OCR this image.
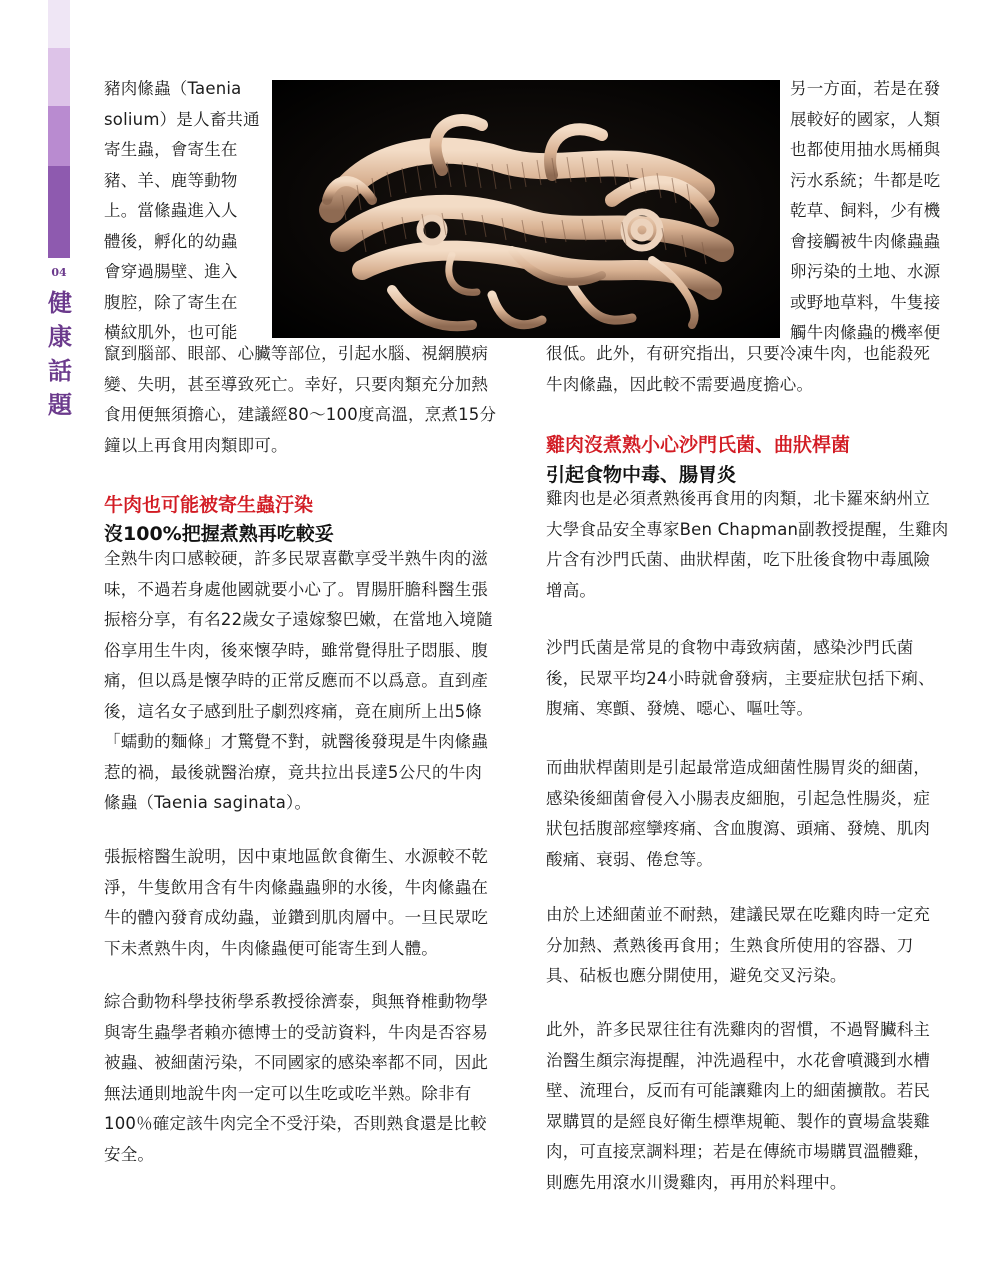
04
健
康
話
題

豬肉絛蟲（Taenia

solium）是人畜共通

寄生蟲，會寄生在

豬、羊、鹿等動物

上。當絛蟲進入人

體後，孵化的幼蟲

會穿過腸壁、進入

腹腔，除了寄生在

橫紋肌外，也可能

竄到腦部、眼部、心臟等部位，引起水腦、視網膜病

變、失明，甚至導致死亡。幸好，只要肉類充分加熱

食用便無須擔心，建議經80～100度高溫，烹煮15分

鐘以上再食用肉類即可。

牛肉也可能被寄生蟲汙染
沒100%把握煮熟再吃較妥

全熟牛肉口感較硬，許多民眾喜歡享受半熟牛肉的滋

味，不過若身處他國就要小心了。胃腸肝膽科醫生張

振榕分享，有名22歲女子遠嫁黎巴嫩，在當地入境隨

俗享用生牛肉，後來懷孕時，雖常覺得肚子悶脹、腹

痛，但以爲是懷孕時的正常反應而不以爲意。直到產

後，這名女子感到肚子劇烈疼痛，竟在廁所上出5條

「蠕動的麵條」才驚覺不對，就醫後發現是牛肉絛蟲

惹的禍，最後就醫治療，竟共拉出長達5公尺的牛肉

絛蟲（Taenia saginata）。

張振榕醫生說明，因中東地區飲食衛生、水源較不乾

淨，牛隻飲用含有牛肉絛蟲蟲卵的水後，牛肉絛蟲在

牛的體內發育成幼蟲，並鑽到肌肉層中。一旦民眾吃

下未煮熟牛肉，牛肉絛蟲便可能寄生到人體。

綜合動物科學技術學系教授徐濟泰，與無脊椎動物學

與寄生蟲學者賴亦德博士的受訪資料，牛肉是否容易

被蟲、被細菌污染，不同國家的感染率都不同，因此

無法通則地說牛肉一定可以生吃或吃半熟。除非有

100％確定該牛肉完全不受汙染，否則熟食還是比較

安全。

另一方面，若是在發

展較好的國家，人類

也都使用抽水馬桶與

污水系統；牛都是吃

乾草、飼料，少有機

會接觸被牛肉絛蟲蟲

卵污染的土地、水源

或野地草料，牛隻接

觸牛肉絛蟲的機率便

很低。此外，有研究指出，只要冷凍牛肉，也能殺死

牛肉絛蟲，因此較不需要過度擔心。

雞肉沒煮熟小心沙門氏菌、曲狀桿菌
引起食物中毒、腸胃炎

雞肉也是必須煮熟後再食用的肉類，北卡羅來納州立

大學食品安全專家Ben Chapman副教授提醒，生雞肉

片含有沙門氏菌、曲狀桿菌，吃下肚後食物中毒風險

增高。

沙門氏菌是常見的食物中毒致病菌，感染沙門氏菌

後，民眾平均24小時就會發病，主要症狀包括下痢、

腹痛、寒顫、發燒、噁心、嘔吐等。

而曲狀桿菌則是引起最常造成細菌性腸胃炎的細菌，

感染後細菌會侵入小腸表皮細胞，引起急性腸炎，症

狀包括腹部痙攣疼痛、含血腹瀉、頭痛、發燒、肌肉

酸痛、衰弱、倦怠等。

由於上述細菌並不耐熱，建議民眾在吃雞肉時一定充

分加熱、煮熟後再食用；生熟食所使用的容器、刀

具、砧板也應分開使用，避免交叉污染。

此外，許多民眾往往有洗雞肉的習慣，不過腎臟科主

治醫生顏宗海提醒，沖洗過程中，水花會噴濺到水槽

壁、流理台，反而有可能讓雞肉上的細菌擴散。若民

眾購買的是經良好衛生標準規範、製作的賣場盒裝雞

肉，可直接烹調料理；若是在傳統市場購買溫體雞，

則應先用滾水川燙雞肉，再用於料理中。
